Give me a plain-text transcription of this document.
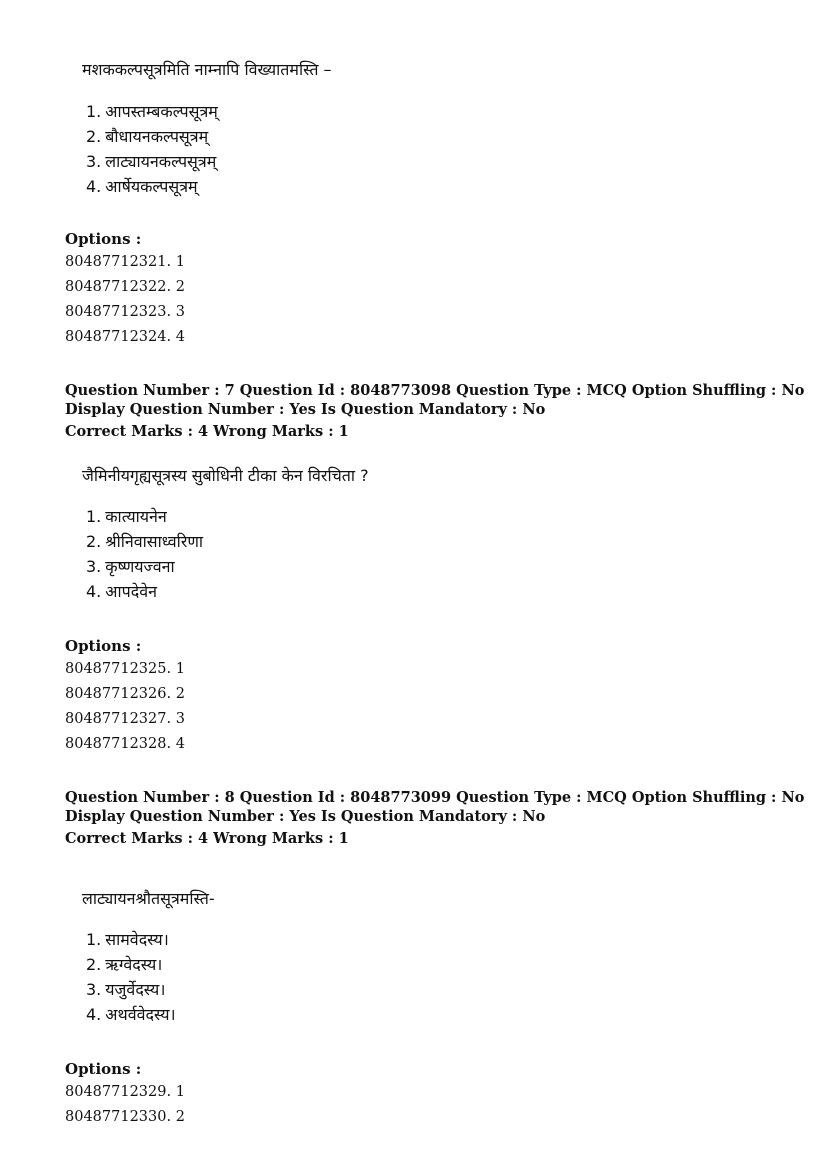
मशककल्पसूत्रमिति नाम्नापि विख्यातमस्ति –
1. आपस्तम्बकल्पसूत्रम्
2. बौधायनकल्पसूत्रम्
3. लाट्यायनकल्पसूत्रम्
4. आर्षेयकल्पसूत्रम्
Options :
80487712321. 1
80487712322. 2
80487712323. 3
80487712324. 4
Question Number : 7 Question Id : 8048773098 Question Type : MCQ Option Shuffling : No
Display Question Number : Yes Is Question Mandatory : No
Correct Marks : 4 Wrong Marks : 1
जैमिनीयगृह्यसूत्रस्य सुबोधिनी टीका केन विरचिता ?
1. कात्यायनेन
2. श्रीनिवासाध्वरिणा
3. कृष्णयज्वना
4. आपदेवेन
Options :
80487712325. 1
80487712326. 2
80487712327. 3
80487712328. 4
Question Number : 8 Question Id : 8048773099 Question Type : MCQ Option Shuffling : No
Display Question Number : Yes Is Question Mandatory : No
Correct Marks : 4 Wrong Marks : 1
लाट्यायनश्रौतसूत्रमस्ति-
1. सामवेदस्य।
2. ऋग्वेदस्य।
3. यजुर्वेदस्य।
4. अथर्ववेदस्य।
Options :
80487712329. 1
80487712330. 2
